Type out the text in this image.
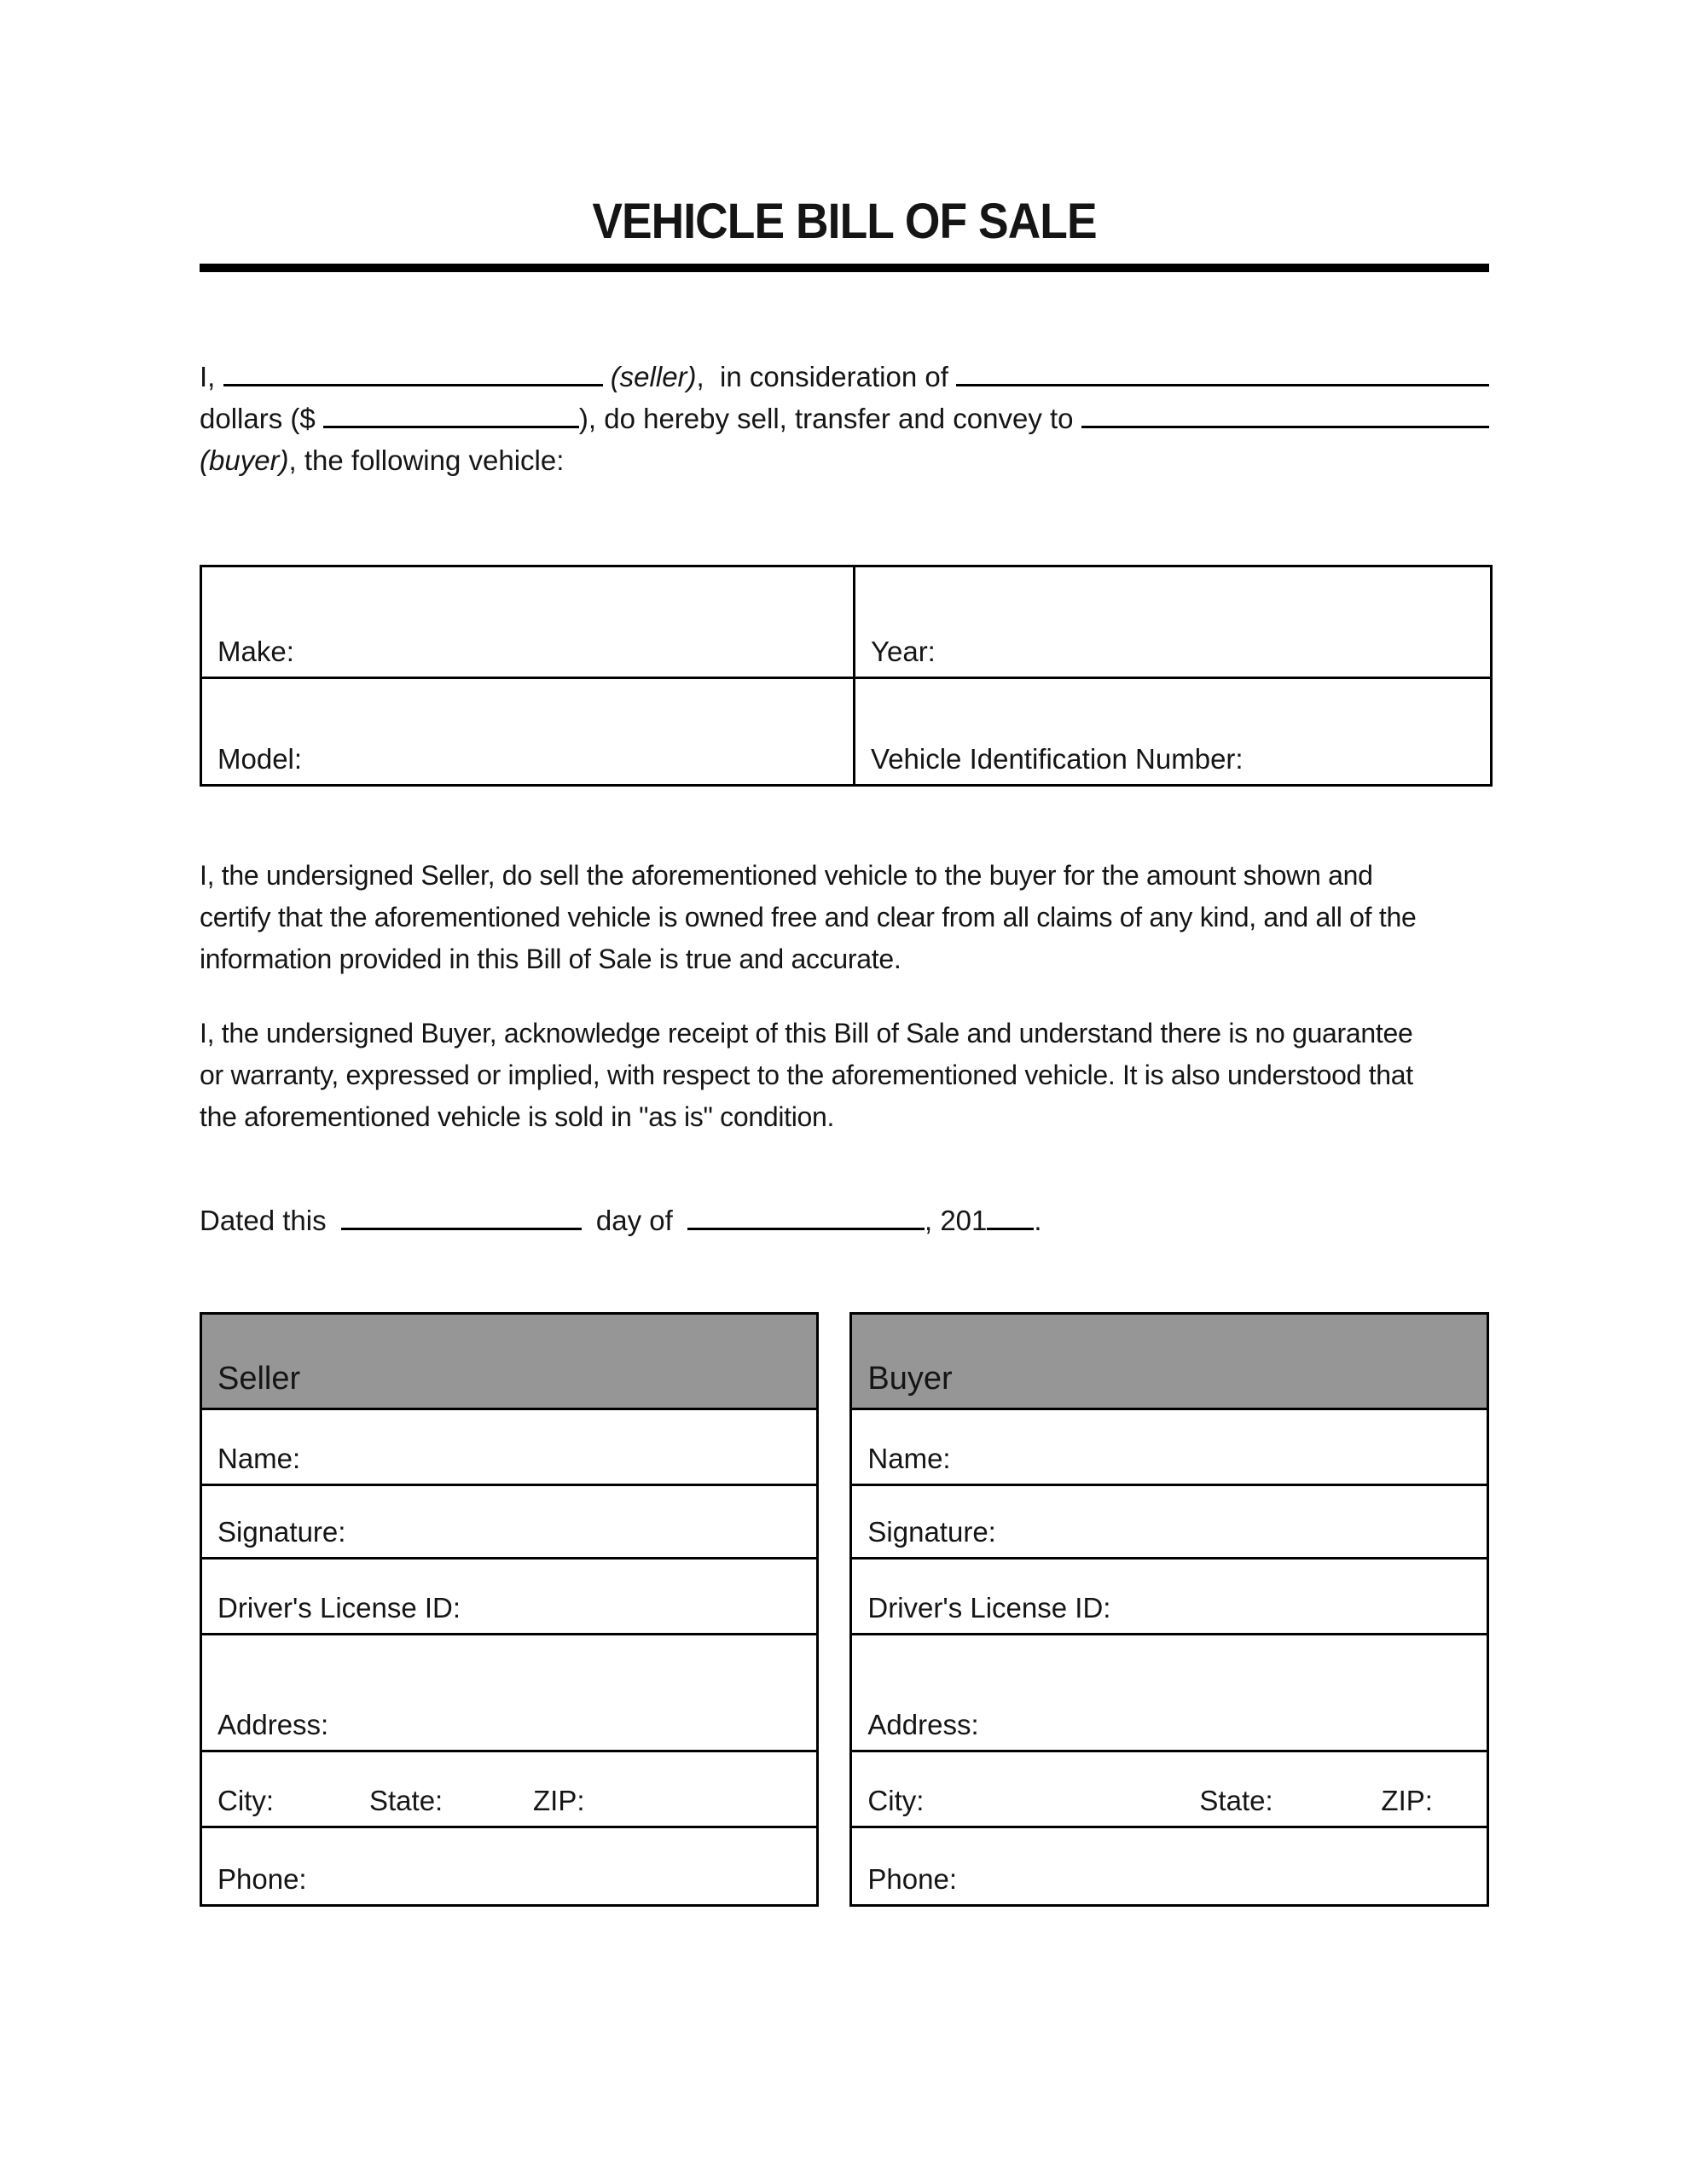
VEHICLE BILL OF SALE
I,	(seller) ,  in consideration of
dollars ($	), do hereby sell, transfer and convey to
(buyer) , the following vehicle:
Make:	Year:
Model:	Vehicle Identification Number:
I, the undersigned Seller, do sell the aforementioned vehicle to the buyer for the amount shown and
certify that the aforementioned vehicle is owned free and clear from all claims of any kind, and all of the
information provided in this Bill of Sale is true and accurate.
I, the undersigned Buyer, acknowledge receipt of this Bill of Sale and understand there is no guarantee
or warranty, expressed or implied, with respect to the aforementioned vehicle. It is also understood that
the aforementioned vehicle is sold in "as is" condition.
Dated this	day of	, 201 .
Seller
Name:
Signature:
Driver's License ID:
Address:
City:	State:	ZIP:
Phone:
Buyer
Name:
Signature:
Driver's License ID:
Address:
City:	State:	ZIP:
Phone:
